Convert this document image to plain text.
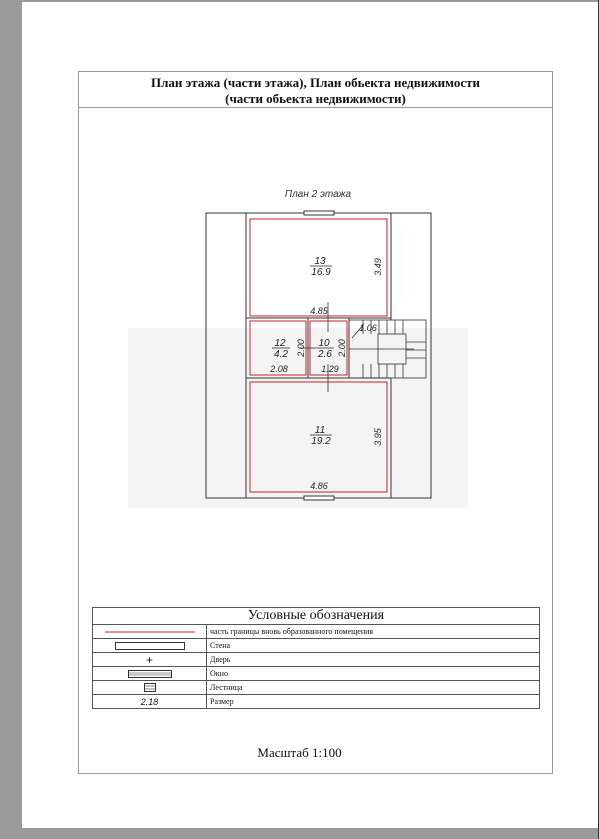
План этажа (части этажа), План обьекта недвижимости
(части обьекта недвижимости)
План 2 этажа
13
16.9
12
4.2
10
2.6
11
19.2
4.85
4.86
2.08	1.29
1.06
3.49
3.95
2.00	2.00
Условные обозначения
часть границы вновь образованного помещения
Стена
+	Дверь
Окно
Лестница
2.18	Размер
Масштаб 1:100
